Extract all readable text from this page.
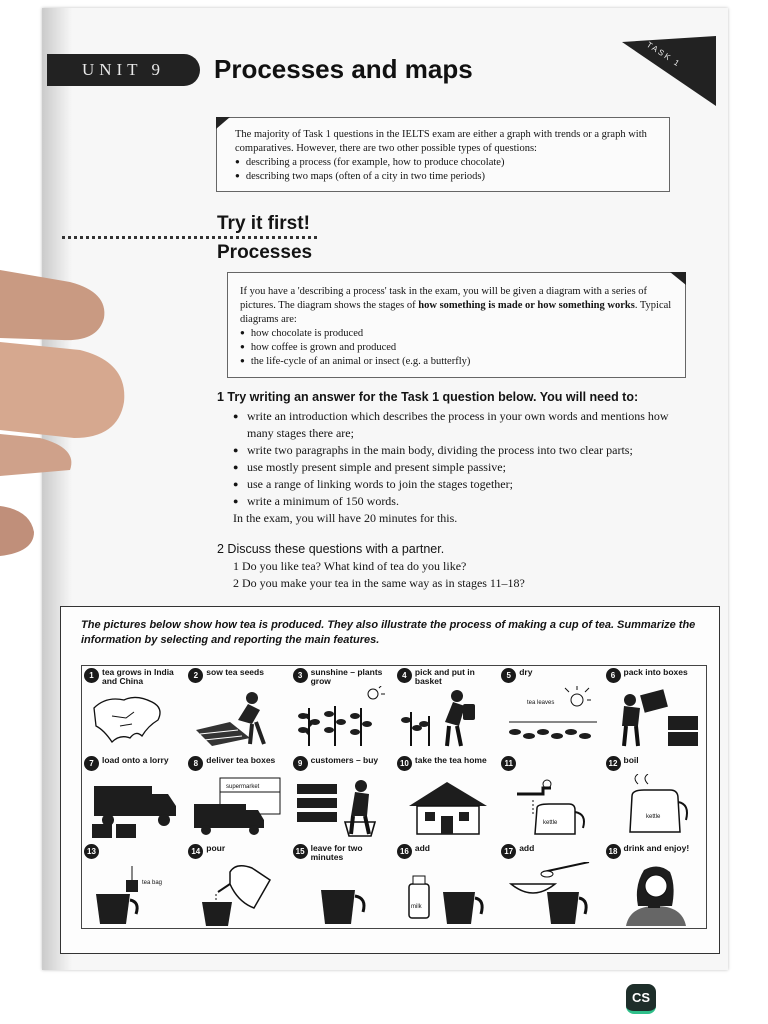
UNIT 9	Processes and maps	TASK 1

The majority of Task 1 questions in the IELTS exam are either a graph with trends or a graph with comparatives. However, there are two other possible types of questions:

● describing a process (for example, how to produce chocolate)
● describing two maps (often of a city in two time periods)
Try it first!
Processes

If you have a 'describing a process' task in the exam, you will be given a diagram with a series of pictures. The diagram shows the stages of how something is made or how something works. Typical diagrams are:

● how chocolate is produced
● how coffee is grown and produced
● the life-cycle of an animal or insect (e.g. a butterfly)
1 Try writing an answer for the Task 1 question below. You will need to:
● write an introduction which describes the process in your own words and mentions how many stages there are;
● write two paragraphs in the main body, dividing the process into two clear parts;
● use mostly present simple and present simple passive;
● use a range of linking words to join the stages together;
● write a minimum of 150 words.
In the exam, you will have 20 minutes for this.
2 Discuss these questions with a partner.
1 Do you like tea? What kind of tea do you like?
2 Do you make your tea in the same way as in stages 11–18?
The pictures below show how tea is produced. They also illustrate the process of making a cup of tea. Summarize the information by selecting and reporting the main features.
1 tea grows in India and China
2 sow tea seeds	3 sunshine – plants grow
4 pick and put in basket
5 dry
tea leaves
6 pack into boxes
7 load onto a lorry	8 deliver tea boxes
supermarket
9 customers – buy	10 take the tea home	11
kettle
12 boil
kettle
13
tea bag
14 pour	15 leave for two minutes
16 add
milk
17 add	18 drink and enjoy!
CS
